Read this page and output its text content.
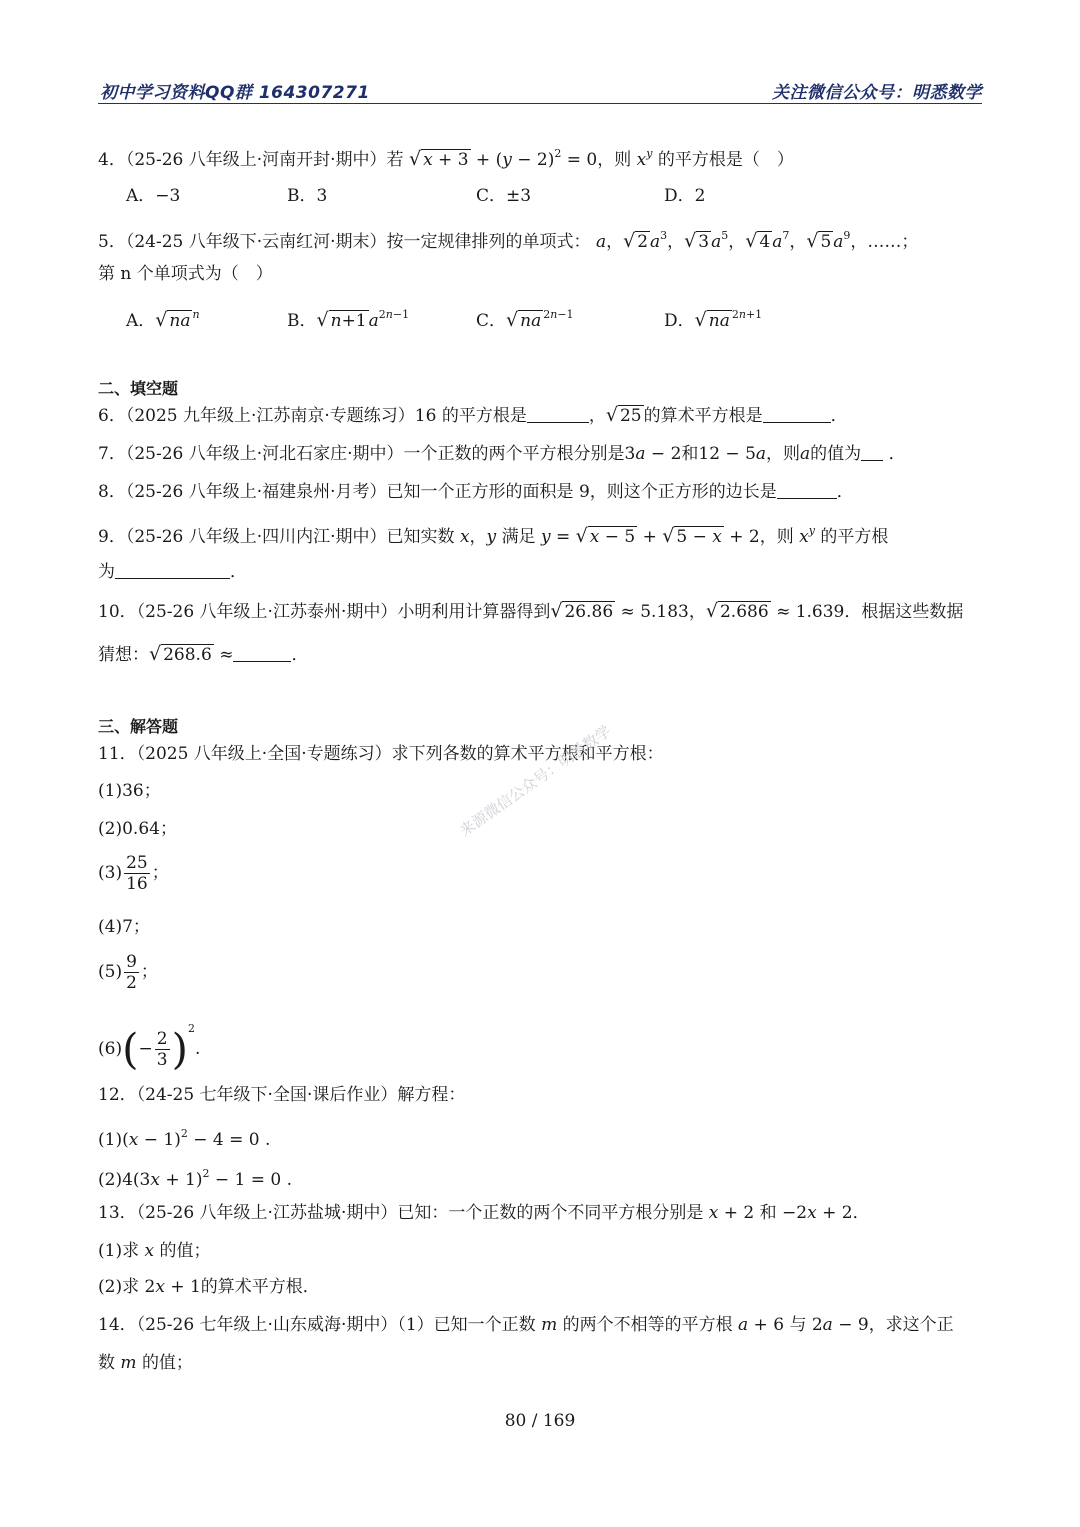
初中学习资料QQ群 164307271	关注微信公众号：明悉数学
4．（25-26 八年级上·河南开封·期中）若 √ $x + 3 + (y - 2)^2 = 0$，则 $x^y$ 的平方根是（　）
A．−3	B．3	C．±3	D．2
5．（24-25 八年级下·云南红河·期末）按一定规律排列的单项式： a，√ 2 $a^3$，√ 3 $a^5$，√ 4 $a^7$，√ 5 $a^9$，……；
第 n 个单项式为（　）
A．√ na $^n$	B．√ n+1 $a^{2n-1}$	C．√ na $^{2n-1}$	D．√ na $^{2n+1}$
二、填空题
6．（2025 九年级上·江苏南京·专题练习）16 的平方根是	，√ 25 的算术平方根是	．
7．（25-26 八年级上·河北石家庄·期中）一个正数的两个平方根分别是3a − 2和12 − 5a，则a的值为 ．
8．（25-26 八年级上·福建泉州·月考）已知一个正方形的面积是 9，则这个正方形的边长是	．
9．（25-26 八年级上·四川内江·期中）已知实数 x，y 满足 y = √ x − 5 + √ 5 − x + 2，则 $x^y$ 的平方根
为	．
10．（25-26 八年级上·江苏泰州·期中）小明利用计算器得到√ 26.86 ≈ 5.183，√ 2.686 ≈ 1.639．根据这些数据
猜想：√ 268.6 ≈	．
三、解答题
11．（2025 八年级上·全国·专题练习）求下列各数的算术平方根和平方根：
(1)36；
(2)0.64；
$(3) \frac{25}{16}$ ；
(4)7；
$(5) \frac{9}{2}$ ；
$(6)(- \frac{2}{3} )^2$.
12．（24-25 七年级下·全国·课后作业）解方程：
$(1)(x - 1)^2 - 4 = 0$ .
$(2)4(3x + 1)^2 - 1 = 0$ .
13．（25-26 八年级上·江苏盐城·期中）已知：一个正数的两个不同平方根分别是 x + 2 和 −2x + 2．
(1)求 x 的值；
(2)求 2x + 1的算术平方根．
14．（25-26 七年级上·山东威海·期中）（1）已知一个正数 m 的两个不相等的平方根 a + 6 与 2a − 9，求这个正
数 m 的值；
来源微信公众号：明悉数学
80 / 169
